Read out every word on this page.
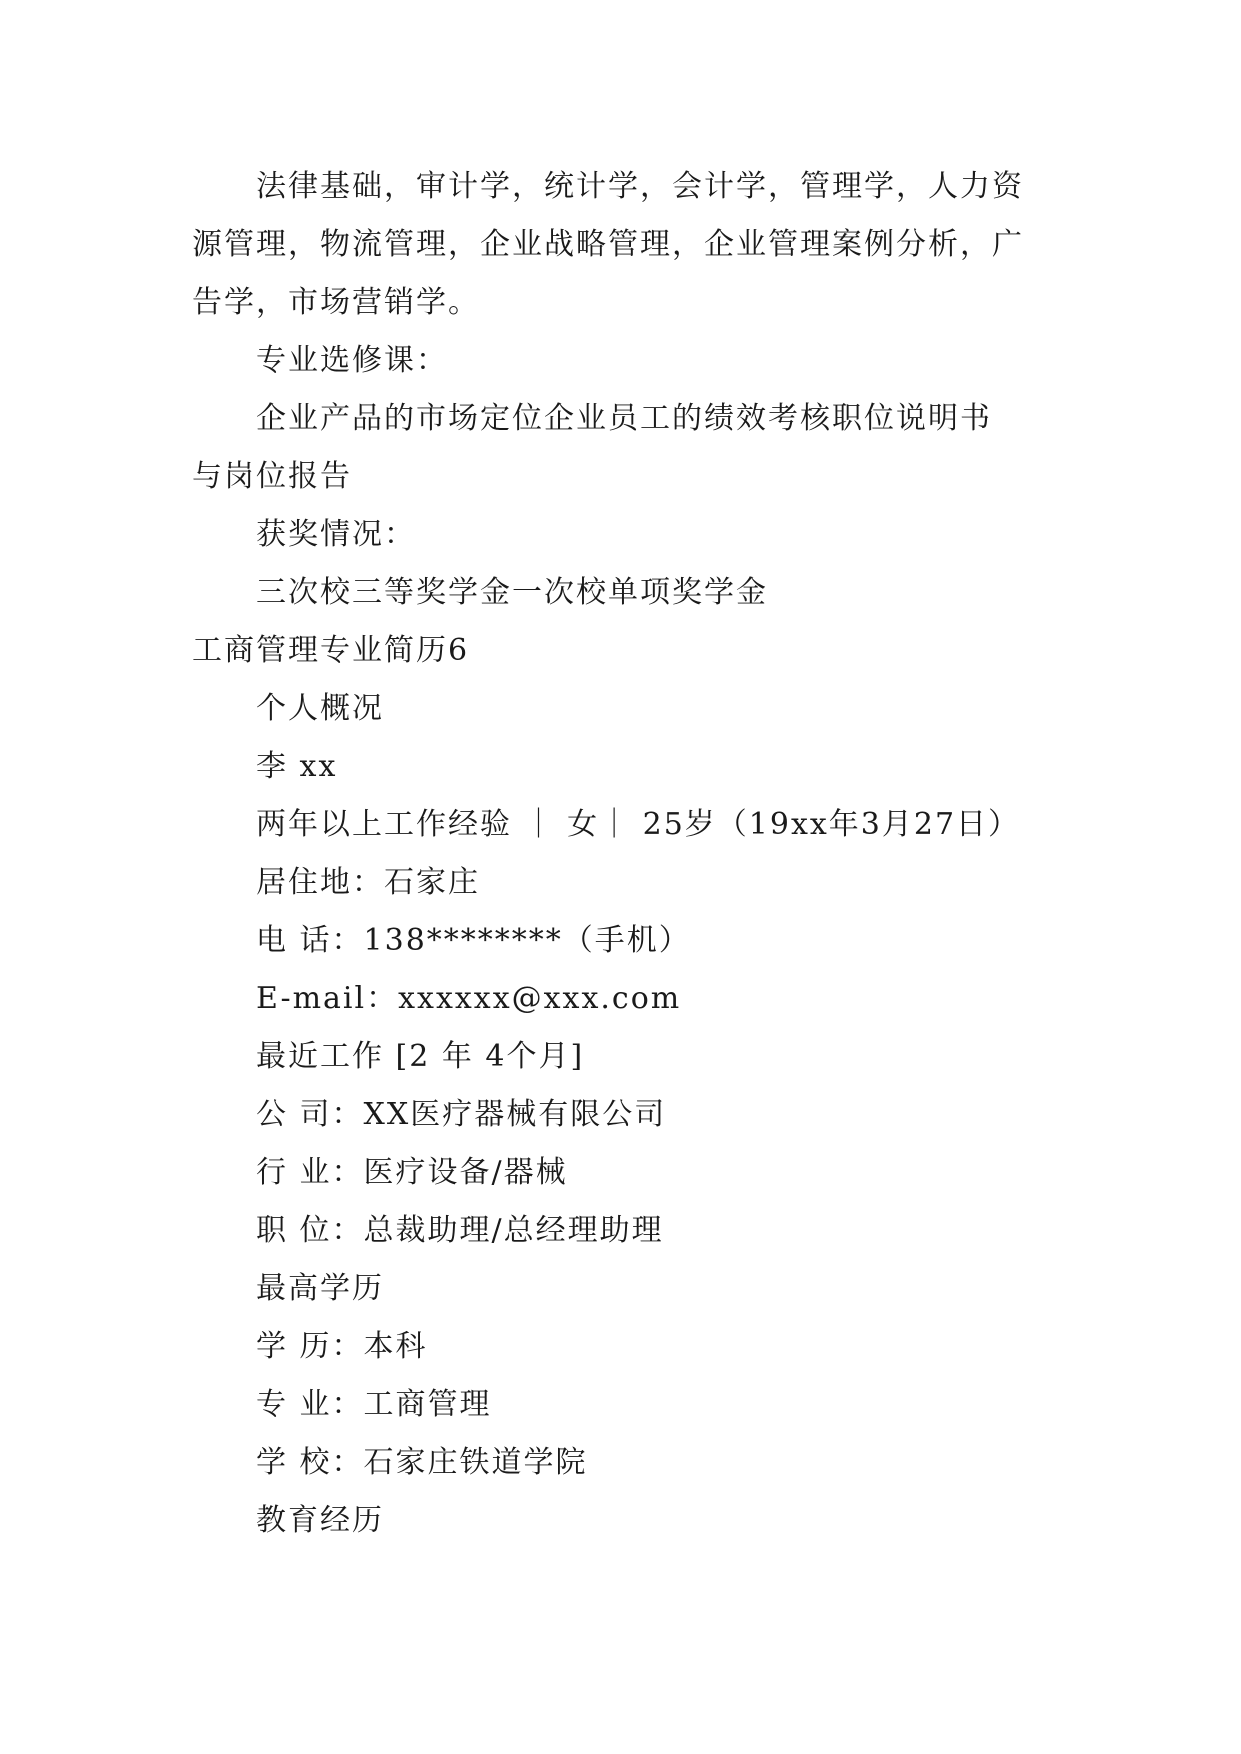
法律基础，审计学，统计学，会计学，管理学，人力资
源管理，物流管理，企业战略管理，企业管理案例分析，广
告学，市场营销学。
专业选修课：
企业产品的市场定位企业员工的绩效考核职位说明书
与岗位报告
获奖情况：
三次校三等奖学金一次校单项奖学金
工商管理专业简历6
个人概况
李 xx
两年以上工作经验 ｜ 女｜ 25岁（19xx年3月27日）
居住地：石家庄
电 话：138********（手机）
E-mail：xxxxxx@xxx.com
最近工作 [2 年 4个月]
公 司：XX医疗器械有限公司
行 业：医疗设备/器械
职 位：总裁助理/总经理助理
最高学历
学 历：本科
专 业：工商管理
学 校：石家庄铁道学院
教育经历
